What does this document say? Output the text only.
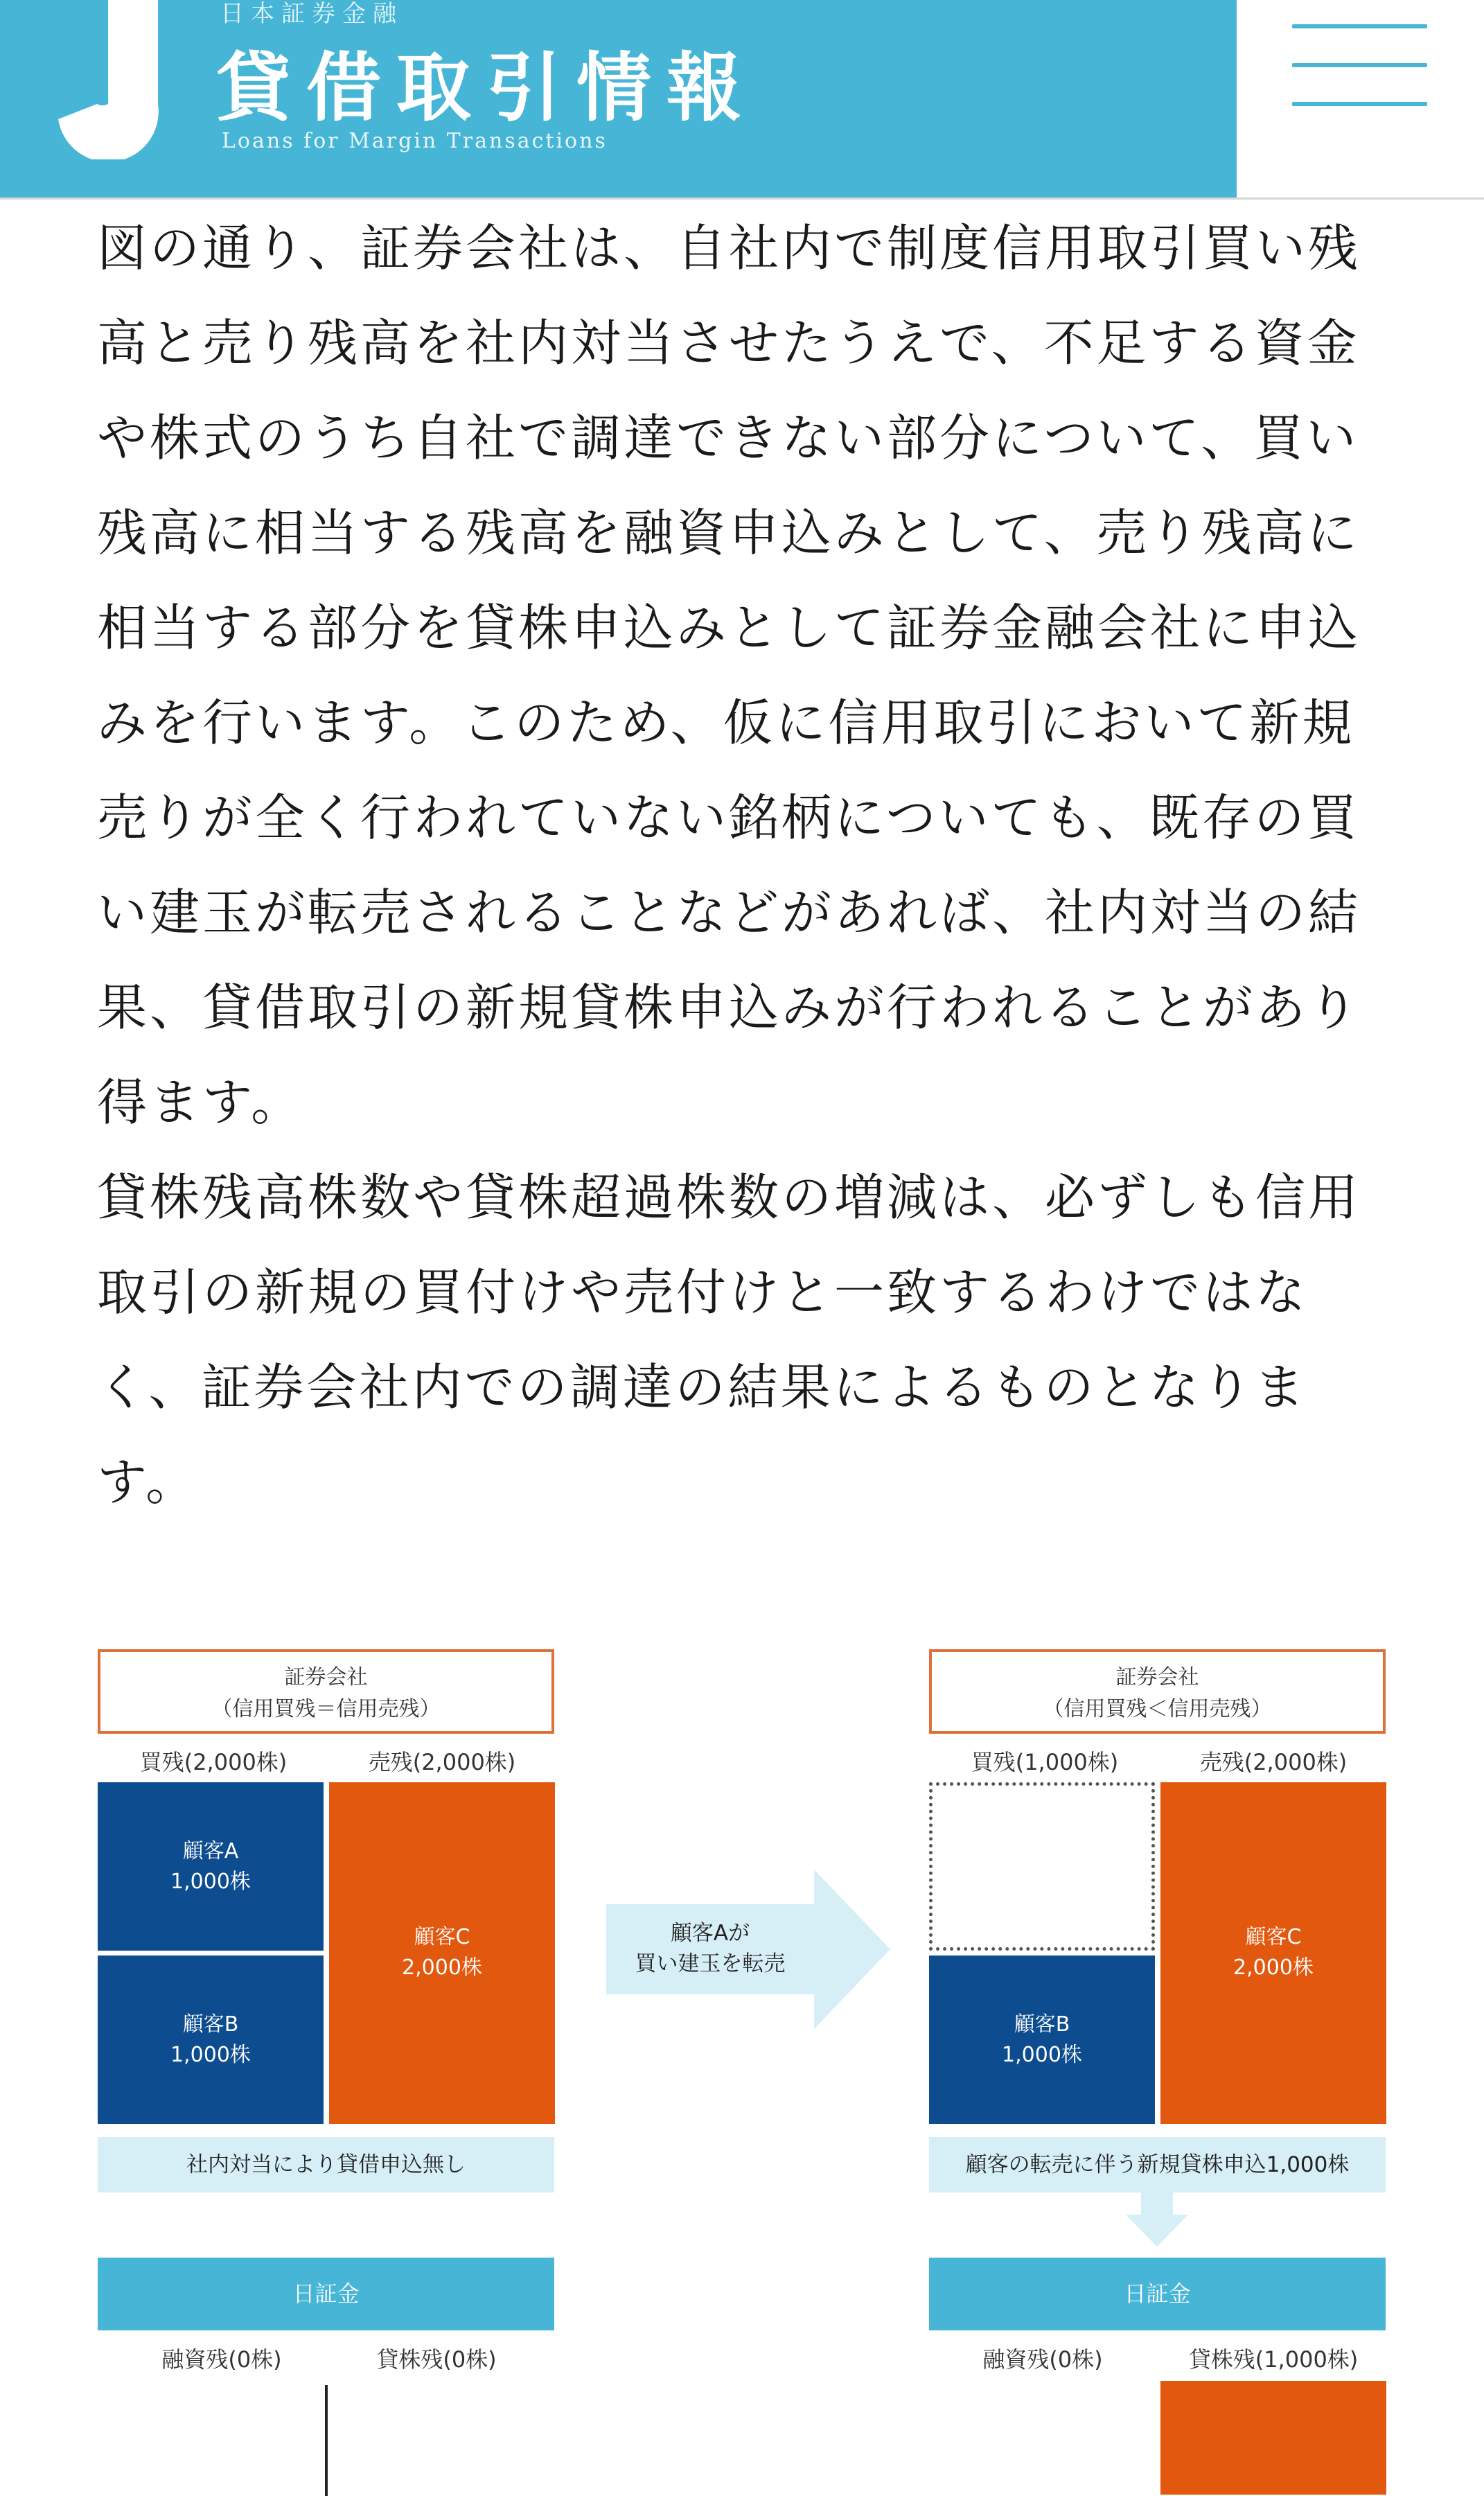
日本証券金融
貸借取引情報
Loans for Margin Transactions

図の通り、証券会社は、自社内で制度信用取引買い残高と売り残高を社内対当させたうえで、不足する資金や株式のうち自社で調達できない部分について、買い残高に相当する残高を融資申込みとして、売り残高に相当する部分を貸株申込みとして証券金融会社に申込みを行います。このため、仮に信用取引において新規売りが全く行われていない銘柄についても、既存の買い建玉が転売されることなどがあれば、社内対当の結果、貸借取引の新規貸株申込みが行われることがあり得ます。

貸株残高株数や貸株超過株数の増減は、必ずしも信用取引の新規の買付けや売付けと一致するわけではなく、証券会社内での調達の結果によるものとなります。

証券会社
（信用買残＝信用売残）
買残(2,000株)	売残(2,000株)
顧客A
1,000株
顧客B
1,000株
顧客C
2,000株
社内対当により貸借申込無し
日証金
融資残(0株)	貸株残(0株)
顧客Aが
買い建玉を転売
証券会社
（信用買残＜信用売残）
買残(1,000株)	売残(2,000株)
顧客B
1,000株
顧客C
2,000株
顧客の転売に伴う新規貸株申込1,000株
日証金
融資残(0株)	貸株残(1,000株)
